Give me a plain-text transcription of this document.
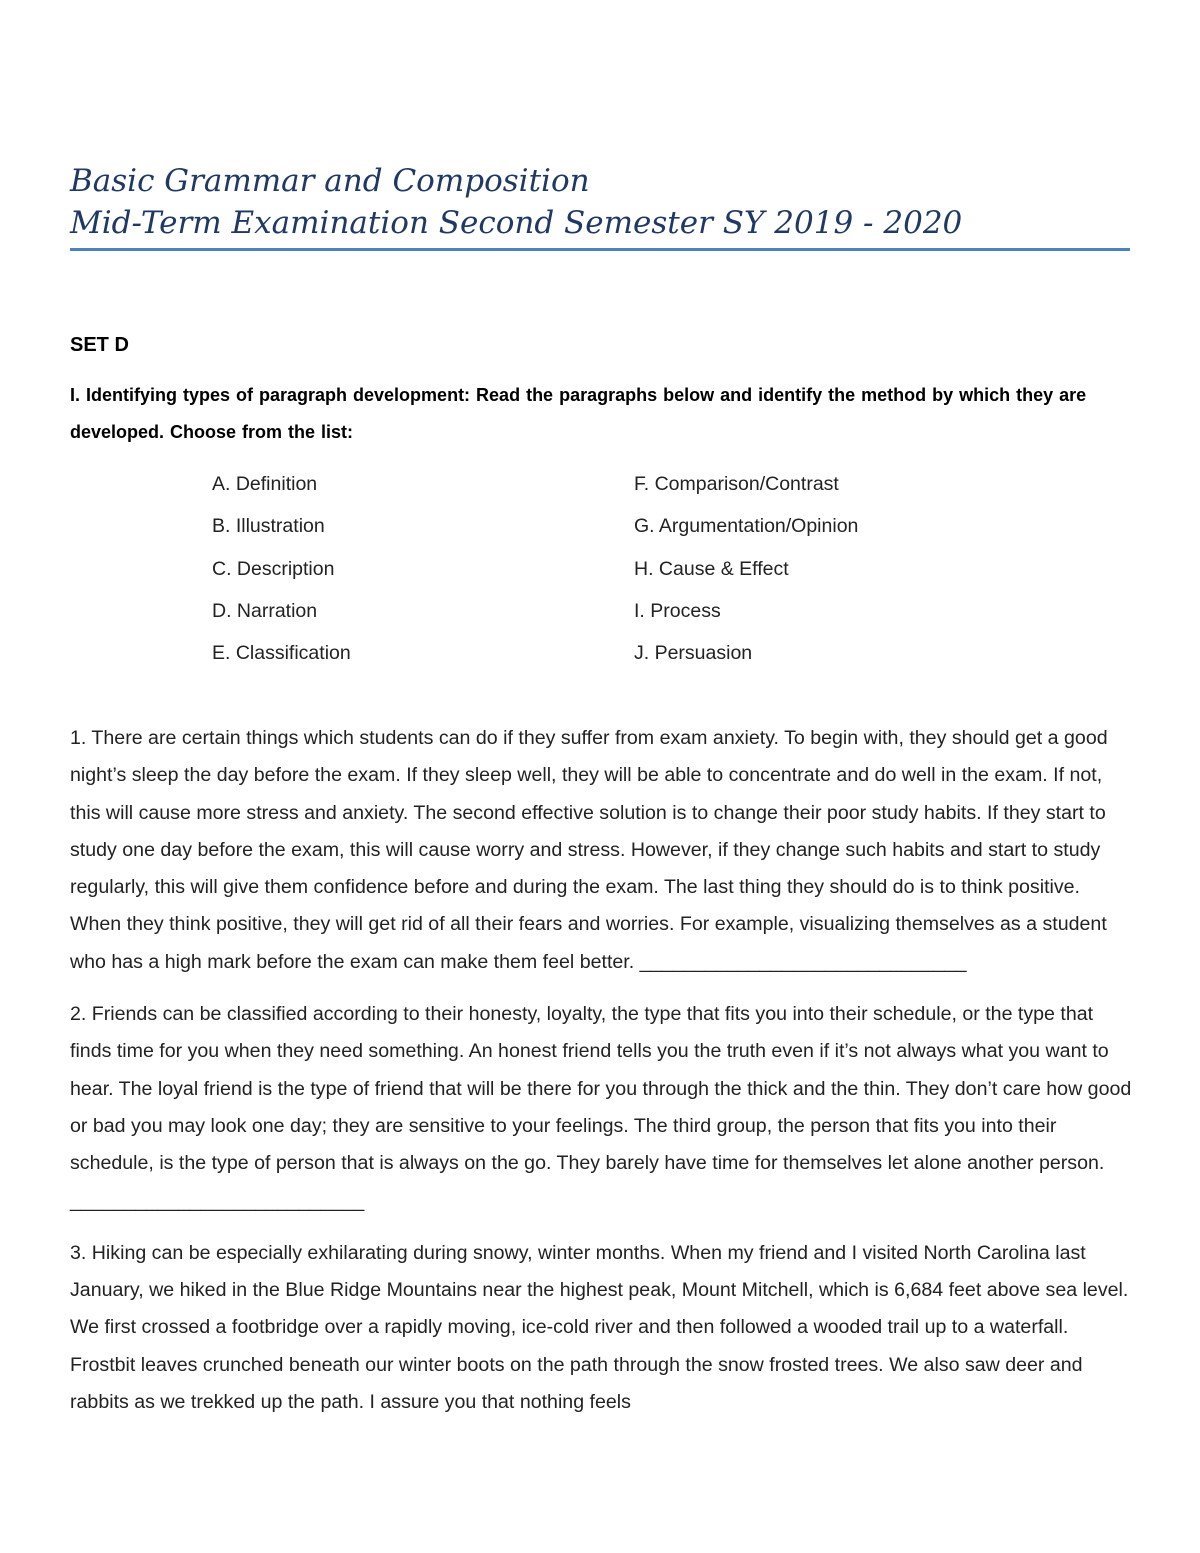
Basic Grammar and Composition
Mid-Term Examination Second Semester SY 2019 - 2020
SET D
I. Identifying types of paragraph development: Read the paragraphs below and identify the method by which they are developed. Choose from the list:
A. Definition	F. Comparison/Contrast
B. Illustration	G. Argumentation/Opinion
C. Description	H. Cause & Effect
D. Narration	I. Process
E. Classification	J. Persuasion

1. There are certain things which students can do if they suffer from exam anxiety. To begin with, they should get a good night’s sleep the day before the exam. If they sleep well, they will be able to concentrate and do well in the exam. If not, this will cause more stress and anxiety. The second effective solution is to change their poor study habits. If they start to study one day before the exam, this will cause worry and stress. However, if they change such habits and start to study regularly, this will give them confidence before and during the exam. The last thing they should do is to think positive. When they think positive, they will get rid of all their fears and worries. For example, visualizing themselves as a student who has a high mark before the exam can make them feel better. ______________________________

2. Friends can be classified according to their honesty, loyalty, the type that fits you into their schedule, or the type that finds time for you when they need something. An honest friend tells you the truth even if it’s not always what you want to hear. The loyal friend is the type of friend that will be there for you through the thick and the thin. They don’t care how good or bad you may look one day; they are sensitive to your feelings. The third group, the person that fits you into their schedule, is the type of person that is always on the go. They barely have time for themselves let alone another person. ___________________________

3. Hiking can be especially exhilarating during snowy, winter months. When my friend and I visited North Carolina last January, we hiked in the Blue Ridge Mountains near the highest peak, Mount Mitchell, which is 6,684 feet above sea level. We first crossed a footbridge over a rapidly moving, ice-cold river and then followed a wooded trail up to a waterfall. Frostbit leaves crunched beneath our winter boots on the path through the snow frosted trees. We also saw deer and rabbits as we trekked up the path. I assure you that nothing feels
